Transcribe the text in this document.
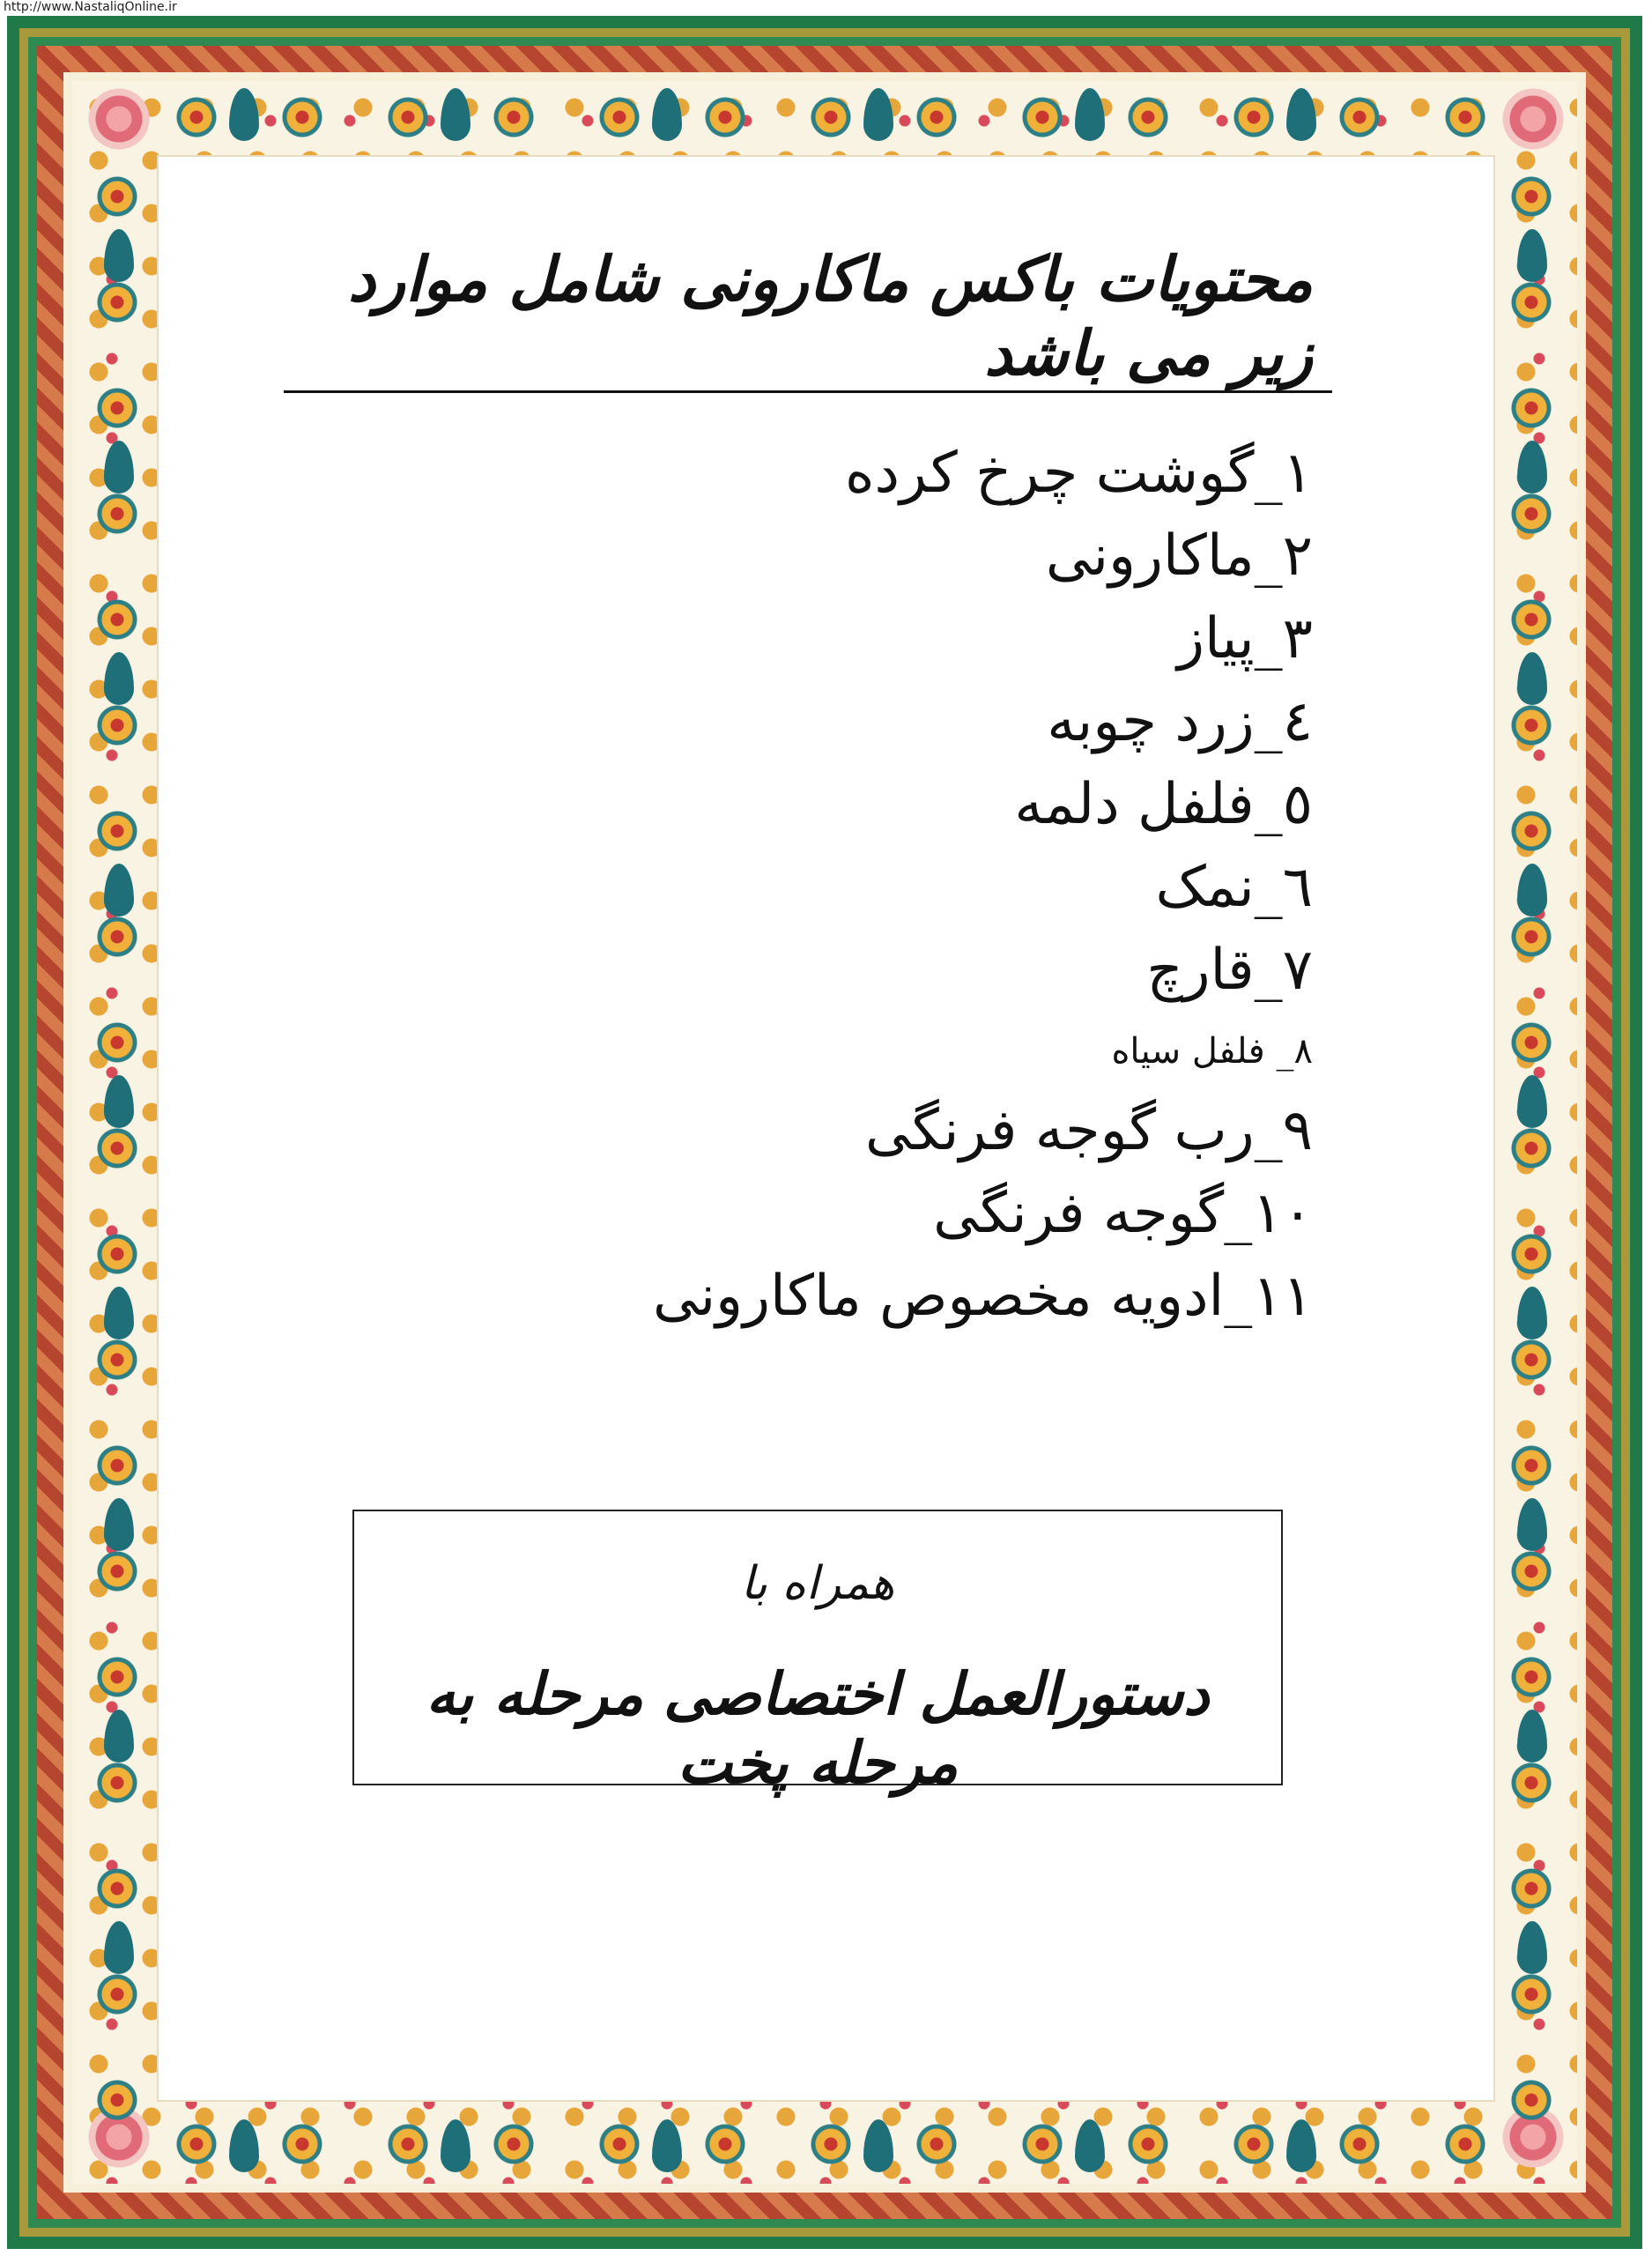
http://www.NastaliqOnline.ir
محتویات باکس ماکارونی شامل موارد زیر می باشد
۱_گوشت چرخ کرده
۲_ماکارونی
۳_پیاز
٤_زرد چوبه
٥_فلفل دلمه
٦_نمک
۷_قارچ
۸_ فلفل سیاه
۹_رب گوجه فرنگی
۱۰_گوجه فرنگی
۱۱_ادویه مخصوص ماکارونی
همراه با
دستورالعمل اختصاصی مرحله به مرحله پخت
